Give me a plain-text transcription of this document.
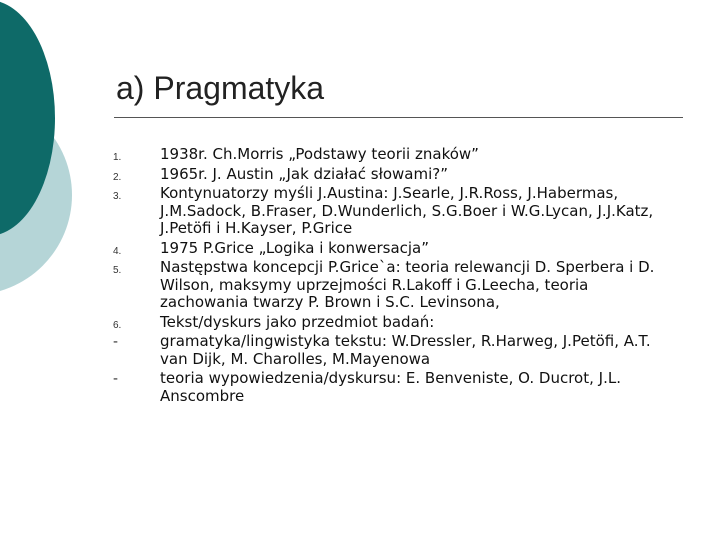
a) Pragmatyka
1.	1938r. Ch.Morris „Podstawy teorii znaków”
2.	1965r. J. Austin „Jak działać słowami?”
3.	Kontynuatorzy myśli J.Austina: J.Searle, J.R.Ross, J.Habermas, J.M.Sadock, B.Fraser, D.Wunderlich, S.G.Boer i W.G.Lycan, J.J.Katz, J.Petöfi i H.Kayser, P.Grice
4.	1975 P.Grice „Logika i konwersacja”
5.	Następstwa koncepcji P.Grice`a: teoria relewancji D. Sperbera i D. Wilson, maksymy uprzejmości R.Lakoff i G.Leecha, teoria zachowania twarzy P. Brown i S.C. Levinsona,
6.	Tekst/dyskurs jako przedmiot badań:
-	gramatyka/lingwistyka tekstu: W.Dressler, R.Harweg, J.Petöfi, A.T. van Dijk, M. Charolles, M.Mayenowa
-	teoria wypowiedzenia/dyskursu: E. Benveniste, O. Ducrot, J.L. Anscombre
